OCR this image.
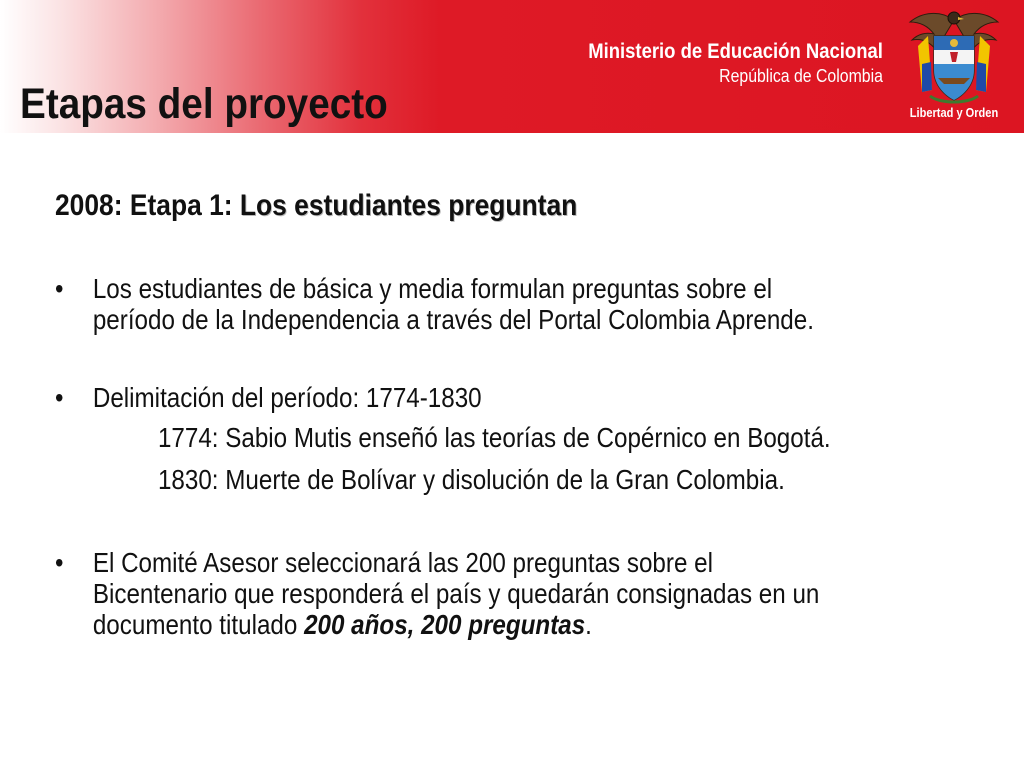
Ministerio de Educación Nacional
República de Colombia
Libertad y Orden
Etapas del proyecto
2008: Etapa 1: Los estudiantes preguntan
• Los estudiantes de básica y media formulan preguntas sobre el
período de la Independencia a través del Portal Colombia Aprende.
• Delimitación del período: 1774-1830
1774: Sabio Mutis enseñó las teorías de Copérnico en Bogotá.
1830: Muerte de Bolívar y disolución de la Gran Colombia.
• El Comité Asesor seleccionará las 200 preguntas sobre el
Bicentenario que responderá el país y quedarán consignadas en un
documento titulado 200 años, 200 preguntas.
